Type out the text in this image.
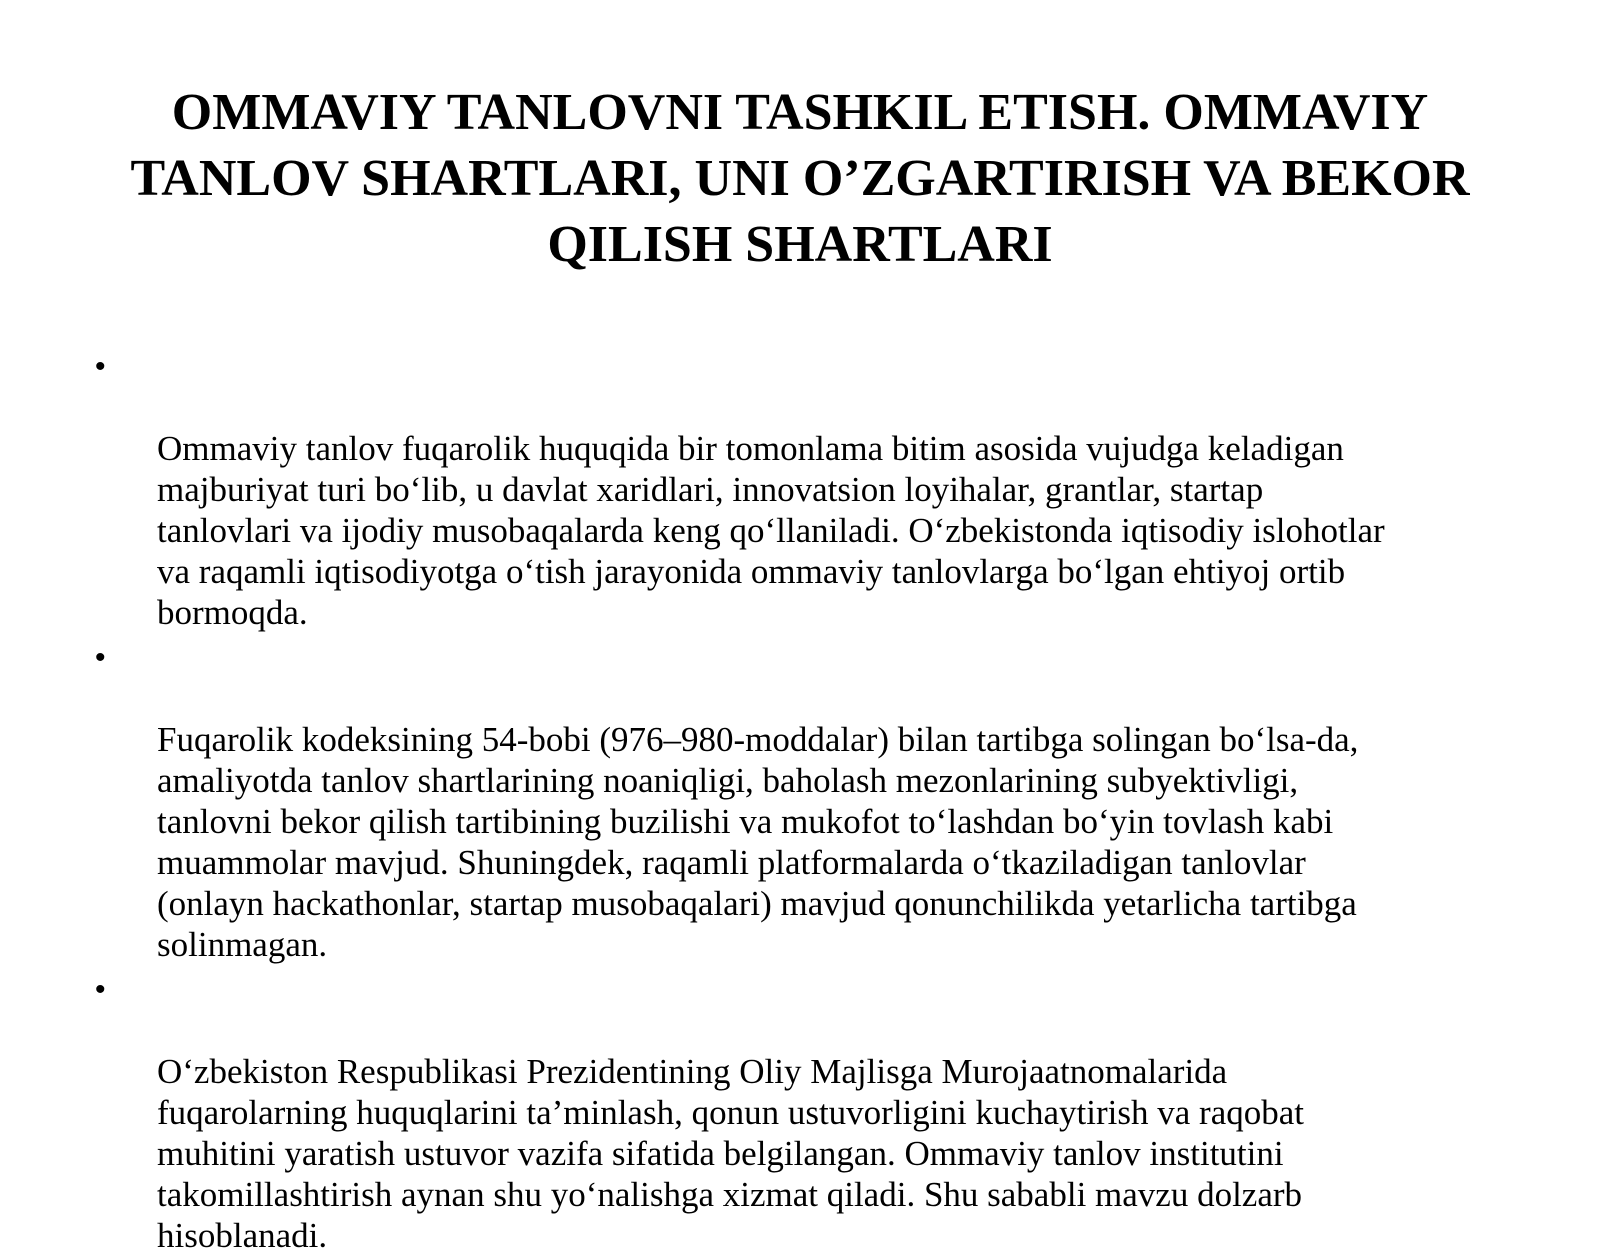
OMMAVIY TANLOVNI TASHKIL ETISH. OMMAVIY
TANLOV SHARTLARI, UNI O’ZGARTIRISH VA BEKOR
QILISH SHARTLARI

•

Ommaviy tanlov fuqarolik huquqida bir tomonlama bitim asosida vujudga keladigan
majburiyat turi bo‘lib, u davlat xaridlari, innovatsion loyihalar, grantlar, startap
tanlovlari va ijodiy musobaqalarda keng qo‘llaniladi. O‘zbekistonda iqtisodiy islohotlar
va raqamli iqtisodiyotga o‘tish jarayonida ommaviy tanlovlarga bo‘lgan ehtiyoj ortib
bormoqda.

•

Fuqarolik kodeksining 54-bobi (976–980-moddalar) bilan tartibga solingan bo‘lsa-da,
amaliyotda tanlov shartlarining noaniqligi, baholash mezonlarining subyektivligi,
tanlovni bekor qilish tartibining buzilishi va mukofot to‘lashdan bo‘yin tovlash kabi
muammolar mavjud. Shuningdek, raqamli platformalarda o‘tkaziladigan tanlovlar
(onlayn hackathonlar, startap musobaqalari) mavjud qonunchilikda yetarlicha tartibga
solinmagan.

•

O‘zbekiston Respublikasi Prezidentining Oliy Majlisga Murojaatnomalarida
fuqarolarning huquqlarini ta’minlash, qonun ustuvorligini kuchaytirish va raqobat
muhitini yaratish ustuvor vazifa sifatida belgilangan. Ommaviy tanlov institutini
takomillashtirish aynan shu yo‘nalishga xizmat qiladi. Shu sababli mavzu dolzarb
hisoblanadi.
